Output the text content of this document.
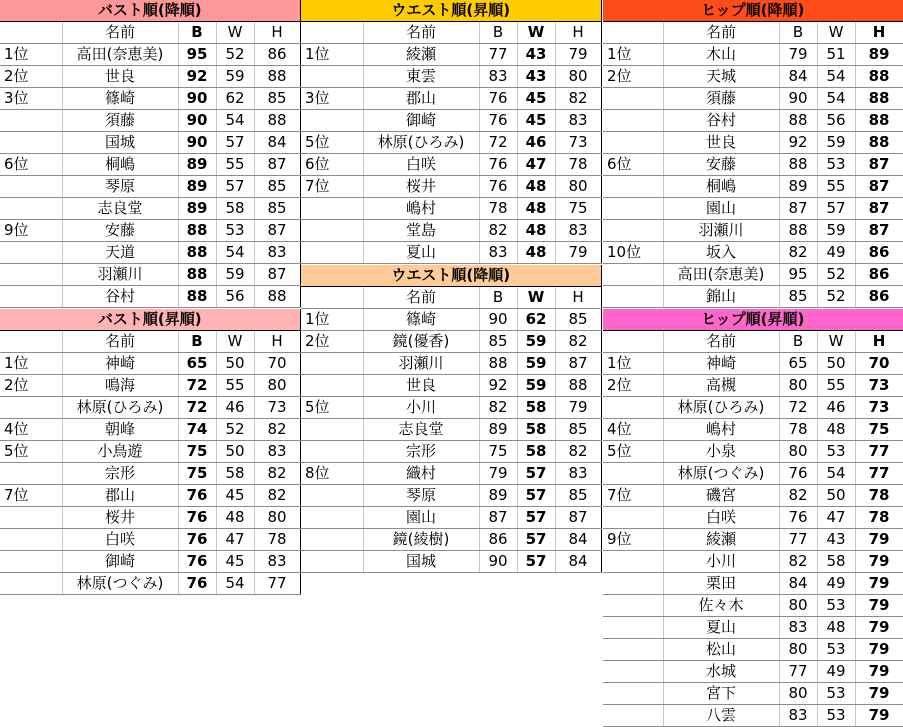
バスト順(降順)				
	名前	B	W	H
1位	高田(奈恵美)	95	52	86
2位	世良	92	59	88
3位	篠崎	90	62	85
	須藤	90	54	88
	国城	90	57	84
6位	桐嶋	89	55	87
	琴原	89	57	85
	志良堂	89	58	85
9位	安藤	88	53	87
	天道	88	54	83
	羽瀬川	88	59	87
	谷村	88	56	88
バスト順(昇順)				
	名前	B	W	H
1位	神崎	65	50	70
2位	鳴海	72	55	80
	林原(ひろみ)	72	46	73
4位	朝峰	74	52	82
5位	小鳥遊	75	50	83
	宗形	75	58	82
7位	郡山	76	45	82
	桜井	76	48	80
	白咲	76	47	78
	御崎	76	45	83
	林原(つぐみ)	76	54	77
ウエスト順(昇順)				
	名前	B	W	H
1位	綾瀬	77	43	79
	東雲	83	43	80
3位	郡山	76	45	82
	御崎	76	45	83
5位	林原(ひろみ)	72	46	73
6位	白咲	76	47	78
7位	桜井	76	48	80
	嶋村	78	48	75
	堂島	82	48	83
	夏山	83	48	79
ウエスト順(降順)				
	名前	B	W	H
1位	篠崎	90	62	85
2位	鏡(優香)	85	59	82
	羽瀬川	88	59	87
	世良	92	59	88
5位	小川	82	58	79
	志良堂	89	58	85
	宗形	75	58	82
8位	織村	79	57	83
	琴原	89	57	85
	園山	87	57	87
	鏡(綾樹)	86	57	84
	国城	90	57	84
ヒップ順(降順)				
	名前	B	W	H
1位	木山	79	51	89
2位	天城	84	54	88
	須藤	90	54	88
	谷村	88	56	88
	世良	92	59	88
6位	安藤	88	53	87
	桐嶋	89	55	87
	園山	87	57	87
	羽瀬川	88	59	87
10位	坂入	82	49	86
	高田(奈恵美)	95	52	86
	錦山	85	52	86
ヒップ順(昇順)				
	名前	B	W	H
1位	神崎	65	50	70
2位	高槻	80	55	73
	林原(ひろみ)	72	46	73
4位	嶋村	78	48	75
5位	小泉	80	53	77
	林原(つぐみ)	76	54	77
7位	磯宮	82	50	78
	白咲	76	47	78
9位	綾瀬	77	43	79
	小川	82	58	79
	栗田	84	49	79
	佐々木	80	53	79
	夏山	83	48	79
	松山	80	53	79
	水城	77	49	79
	宮下	80	53	79
	八雲	83	53	79
